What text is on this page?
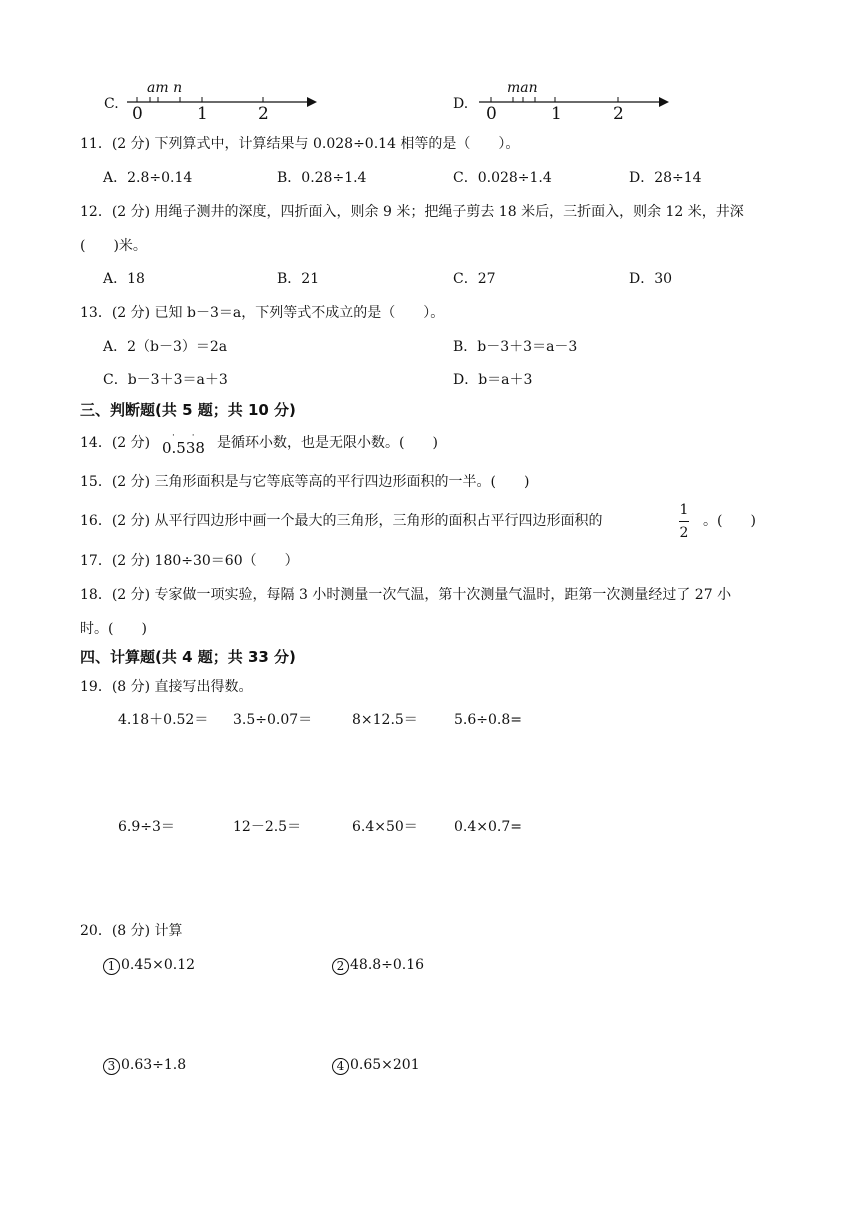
C.
am n
0	1	2	D.
man
0	1	2
11．(2 分) 下列算式中，计算结果与 0.028÷0.14 相等的是（　　）。
A．2.8÷0.14	B．0.28÷1.4	C．0.028÷1.4	D．28÷14
12．(2 分) 用绳子测井的深度，四折面入，则余 9 米；把绳子剪去 18 米后，三折面入，则余 12 米，井深
(　　)米。
A．18	B．21	C．27	D．30
13．(2 分) 已知 b－3＝a，下列等式不成立的是（　　）。
A．2（b－3）＝2a	B．b－3＋3＝a－3
C．b－3＋3＝a＋3	D．b＝a＋3
三、判断题(共 5 题；共 10 分)
14．(2 分) · ·
0.538 是循环小数，也是无限小数。(　　)
15．(2 分) 三角形面积是与它等底等高的平行四边形面积的一半。(　　)
16．(2 分) 从平行四边形中画一个最大的三角形，三角形的面积占平行四边形面积的
1
2
。(　　)
17．(2 分) 180÷30＝60（　　）
18．(2 分) 专家做一项实验，每隔 3 小时测量一次气温，第十次测量气温时，距第一次测量经过了 27 小
时。(　　)
四、计算题(共 4 题；共 33 分)
19．(8 分) 直接写出得数。
4.18＋0.52＝ 3.5÷0.07＝	8×12.5＝	5.6÷0.8=
6.9÷3＝	12－2.5＝	6.4×50＝	0.4×0.7=
20．(8 分) 计算
1 0.45×0.12	2 48.8÷0.16
3 0.63÷1.8	4 0.65×201
